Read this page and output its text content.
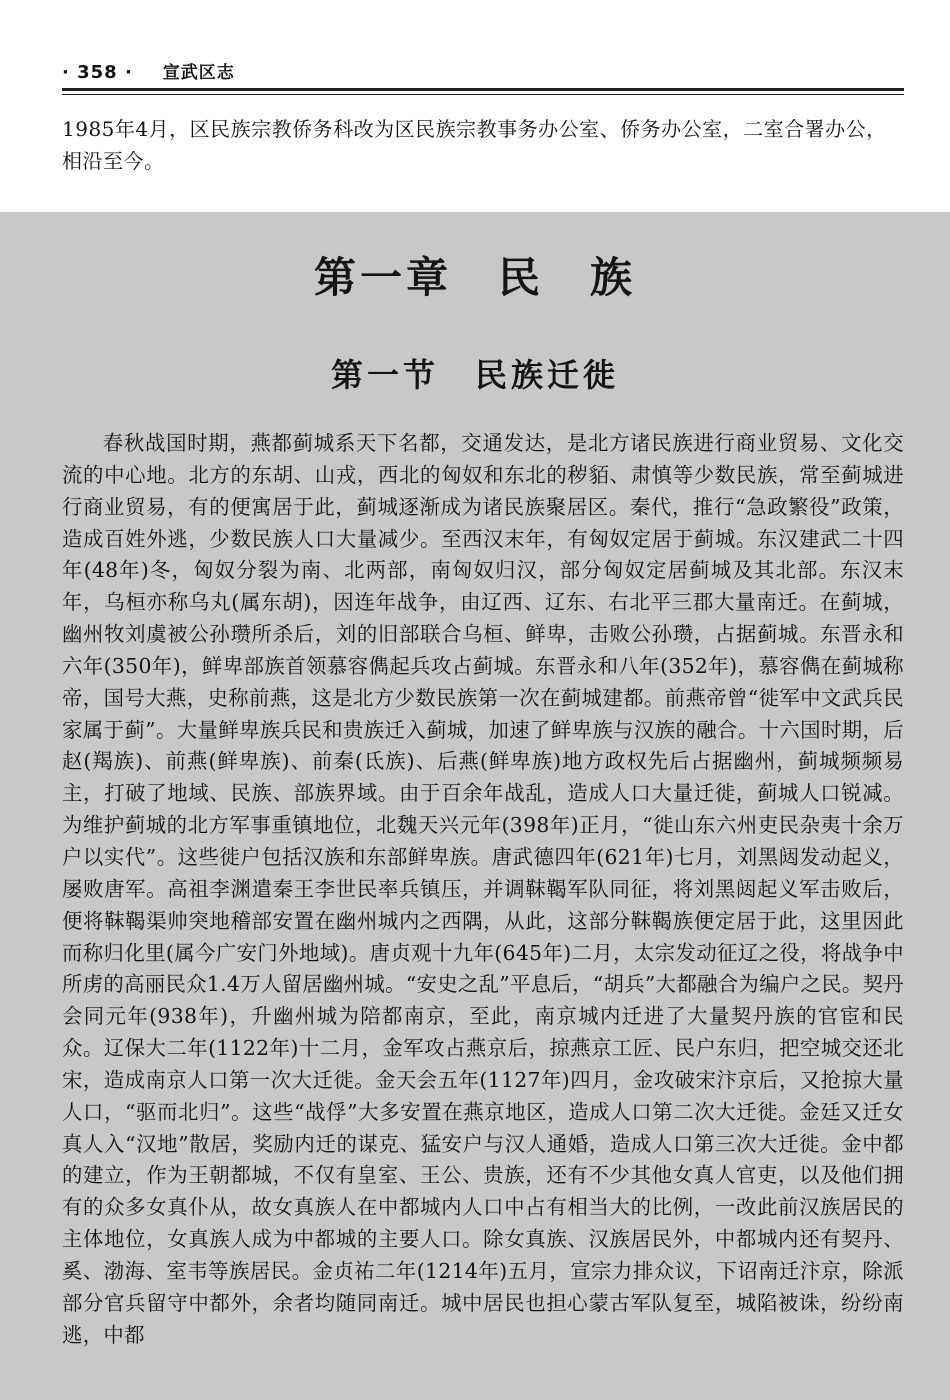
· 358 · 宣武区志

1985年4月，区民族宗教侨务科改为区民族宗教事务办公室、侨务办公室，二室合署办公，相沿至今。

第一章　民　族
第一节　民族迁徙

春秋战国时期，燕都蓟城系天下名都，交通发达，是北方诸民族进行商业贸易、文化交流的中心地。北方的东胡、山戎，西北的匈奴和东北的秽貊、肃慎等少数民族，常至蓟城进行商业贸易，有的便寓居于此，蓟城逐渐成为诸民族聚居区。秦代，推行“急政繁役”政策，造成百姓外逃，少数民族人口大量减少。至西汉末年，有匈奴定居于蓟城。东汉建武二十四年(48年)冬，匈奴分裂为南、北两部，南匈奴归汉，部分匈奴定居蓟城及其北部。东汉末年，乌桓亦称乌丸(属东胡)，因连年战争，由辽西、辽东、右北平三郡大量南迁。在蓟城，幽州牧刘虞被公孙瓒所杀后，刘的旧部联合乌桓、鲜卑，击败公孙瓒，占据蓟城。东晋永和六年(350年)，鲜卑部族首领慕容儁起兵攻占蓟城。东晋永和八年(352年)，慕容儁在蓟城称帝，国号大燕，史称前燕，这是北方少数民族第一次在蓟城建都。前燕帝曾“徙军中文武兵民家属于蓟”。大量鲜卑族兵民和贵族迁入蓟城，加速了鲜卑族与汉族的融合。十六国时期，后赵(羯族)、前燕(鲜卑族)、前秦(氐族)、后燕(鲜卑族)地方政权先后占据幽州，蓟城频频易主，打破了地域、民族、部族界域。由于百余年战乱，造成人口大量迁徙，蓟城人口锐减。为维护蓟城的北方军事重镇地位，北魏天兴元年(398年)正月，“徙山东六州吏民杂夷十余万户以实代”。这些徙户包括汉族和东部鲜卑族。唐武德四年(621年)七月，刘黑闼发动起义，屡败唐军。高祖李渊遣秦王李世民率兵镇压，并调靺鞨军队同征，将刘黑闼起义军击败后，便将靺鞨渠帅突地稽部安置在幽州城内之西隅，从此，这部分靺鞨族便定居于此，这里因此而称归化里(属今广安门外地域)。唐贞观十九年(645年)二月，太宗发动征辽之役，将战争中所虏的高丽民众1.4万人留居幽州城。“安史之乱”平息后，“胡兵”大都融合为编户之民。契丹会同元年(938年)，升幽州城为陪都南京，至此，南京城内迁进了大量契丹族的官宦和民众。辽保大二年(1122年)十二月，金军攻占燕京后，掠燕京工匠、民户东归，把空城交还北宋，造成南京人口第一次大迁徙。金天会五年(1127年)四月，金攻破宋汴京后，又抢掠大量人口，“驱而北归”。这些“战俘”大多安置在燕京地区，造成人口第二次大迁徙。金廷又迁女真人入“汉地”散居，奖励内迁的谋克、猛安户与汉人通婚，造成人口第三次大迁徙。金中都的建立，作为王朝都城，不仅有皇室、王公、贵族，还有不少其他女真人官吏，以及他们拥有的众多女真仆从，故女真族人在中都城内人口中占有相当大的比例，一改此前汉族居民的主体地位，女真族人成为中都城的主要人口。除女真族、汉族居民外，中都城内还有契丹、奚、渤海、室韦等族居民。金贞祐二年(1214年)五月，宣宗力排众议，下诏南迁汴京，除派部分官兵留守中都外，余者均随同南迁。城中居民也担心蒙古军队复至，城陷被诛，纷纷南逃，中都
